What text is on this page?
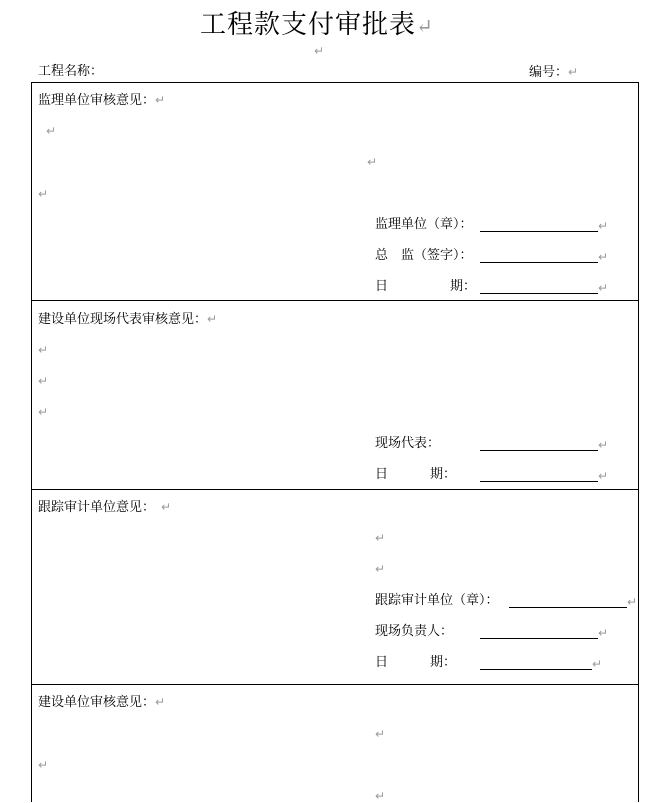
工程款支付审批表↵
↵
工程名称：	编号：↵
监理单位审核意见：↵
↵
↵
↵
监理单位（章）：	↵
总　监（签字）：	↵
日	期：	↵
建设单位现场代表审核意见：↵
↵
↵
↵
现场代表：	↵
日	期：	↵
跟踪审计单位意见： ↵
↵
↵
跟踪审计单位（章）：	↵
现场负责人：	↵
日	期：	↵
建设单位审核意见：↵
↵
↵
↵
